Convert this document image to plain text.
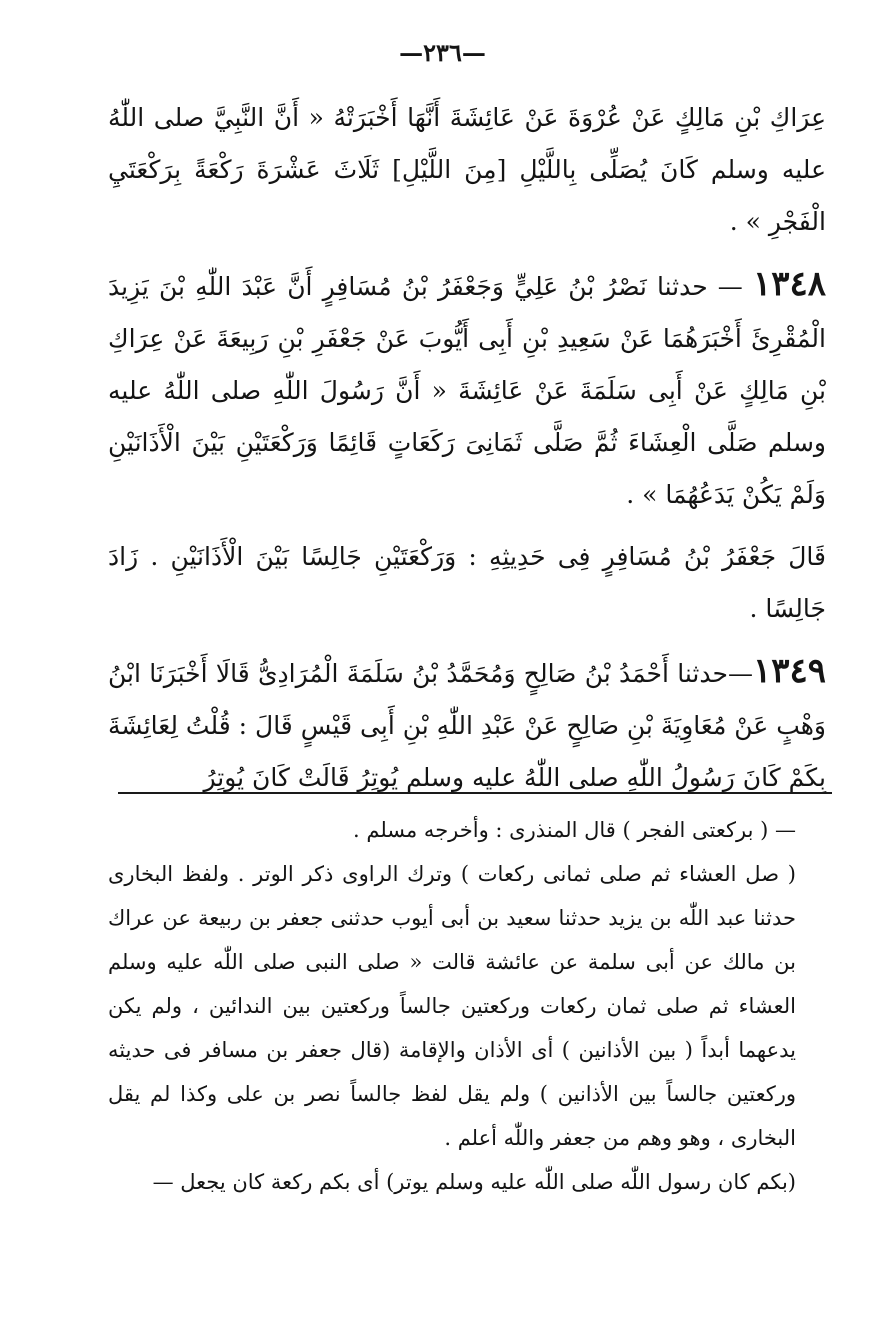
—٢٣٦—

عِرَاكِ بْنِ مَالِكٍ عَنْ عُرْوَةَ عَنْ عَائِشَةَ أَنَّهَا أَخْبَرَتْهُ « أَنَّ النَّبِيَّ صلى اللّٰهُ عليه وسلم كَانَ يُصَلِّى بِاللَّيْلِ [مِنَ اللَّيْلِ] ثَلَاثَ عَشْرَةَ رَكْعَةً بِرَكْعَتَيِ الْفَجْرِ » .

١٣٤٨ — حدثنا نَصْرُ بْنُ عَلِيٍّ وَجَعْفَرُ بْنُ مُسَافِرٍ أَنَّ عَبْدَ اللّٰهِ بْنَ يَزِيدَ الْمُقْرِئَ أَخْبَرَهُمَا عَنْ سَعِيدِ بْنِ أَبِى أَيُّوبَ عَنْ جَعْفَرِ بْنِ رَبِيعَةَ عَنْ عِرَاكِ بْنِ مَالِكٍ عَنْ أَبِى سَلَمَةَ عَنْ عَائِشَةَ « أَنَّ رَسُولَ اللّٰهِ صلى اللّٰهُ عليه وسلم صَلَّى الْعِشَاءَ ثُمَّ صَلَّى ثَمَانِىَ رَكَعَاتٍ قَائِمًا وَرَكْعَتَيْنِ بَيْنَ الْأَذَانَيْنِ وَلَمْ يَكُنْ يَدَعُهُمَا » .

قَالَ جَعْفَرُ بْنُ مُسَافِرٍ فِى حَدِيثِهِ : وَرَكْعَتَيْنِ جَالِسًا بَيْنَ الْأَذَانَيْنِ . زَادَ جَالِسًا .

١٣٤٩—حدثنا أَحْمَدُ بْنُ صَالِحٍ وَمُحَمَّدُ بْنُ سَلَمَةَ الْمُرَادِىُّ قَالَا أَخْبَرَنَا ابْنُ وَهْبٍ عَنْ مُعَاوِيَةَ بْنِ صَالِحٍ عَنْ عَبْدِ اللّٰهِ بْنِ أَبِى قَيْسٍ قَالَ : قُلْتُ لِعَائِشَةَ بِكَمْ كَانَ رَسُولُ اللّٰهِ صلى اللّٰهُ عليه وسلم يُوتِرُ قَالَتْ كَانَ يُوتِرُ

— ( بركعتى الفجر ) قال المنذرى : وأخرجه مسلم .

( صل العشاء ثم صلى ثمانى ركعات ) وترك الراوى ذكر الوتر . ولفظ البخارى حدثنا عبد اللّٰه بن يزيد حدثنا سعيد بن أبى أيوب حدثنى جعفر بن ربيعة عن عراك بن مالك عن أبى سلمة عن عائشة قالت « صلى النبى صلى اللّٰه عليه وسلم العشاء ثم صلى ثمان ركعات وركعتين جالساً وركعتين بين الندائين ، ولم يكن يدعهما أبداً ( بين الأذانين ) أى الأذان والإقامة (قال جعفر بن مسافر فى حديثه وركعتين جالساً بين الأذانين ) ولم يقل لفظ جالساً نصر بن على وكذا لم يقل البخارى ، وهو وهم من جعفر واللّٰه أعلم .

(بكم كان رسول اللّٰه صلى اللّٰه عليه وسلم يوتر) أى بكم ركعة كان يجعل —
